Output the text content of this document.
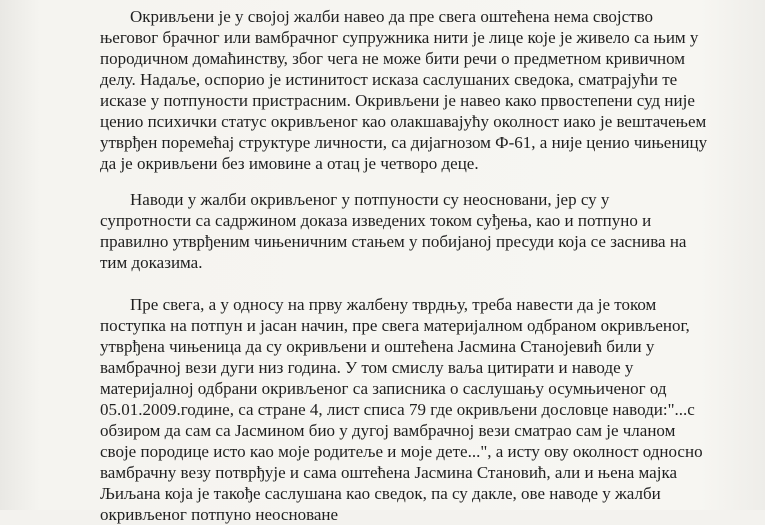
Окривљени је у својој жалби навео да пре свега оштећена нема својство
његовог брачног или вамбрачног супружника нити је лице које је живело са њим у
породичном домаћинству, због чега не може бити речи о предметном кривичном
делу. Надаље, оспорио је истинитост исказа саслушаних сведока, сматрајући те
исказе у потпуности пристрасним. Окривљени је навео како првостепени суд није
ценио психички статус окривљеног као олакшавајућу околност иако је вештачењем
утврђен поремећај структуре личности, са дијагнозом Ф-61, а није ценио чињеницу
да је окривљени без имовине а отац је четворо деце.
Наводи у жалби окривљеног у потпуности су неосновани, јер су у
супротности са садржином доказа изведених током суђења, као и потпуно и
правилно утврђеним чињеничним стањем у побијаној пресуди која се заснива на
тим доказима.
Пре свега, а у односу на прву жалбену тврдњу, треба навести да је током
поступка на потпун и јасан начин, пре свега материјалном одбраном окривљеног,
утврђена чињеница да су окривљени и оштећена Јасмина Станојевић били у
вамбрачној вези дуги низ година. У том смислу ваља цитирати и наводе у
материјалној одбрани окривљеног са записника о саслушању осумњиченог од
05.01.2009.године, са стране 4, лист списа 79 где окривљени дословце наводи:"...с
обзиром да сам са Јасмином био у дугој вамбрачној вези сматрао сам је чланом
своје породице исто као моје родитеље и моје дете...", а исту ову околност односно
вамбрачну везу потврђује и сама оштећена Јасмина Становић, али и њена мајка
Љиљана која је такође саслушана као сведок, па су дакле, ове наводе у жалби
окривљеног потпуно неосноване
